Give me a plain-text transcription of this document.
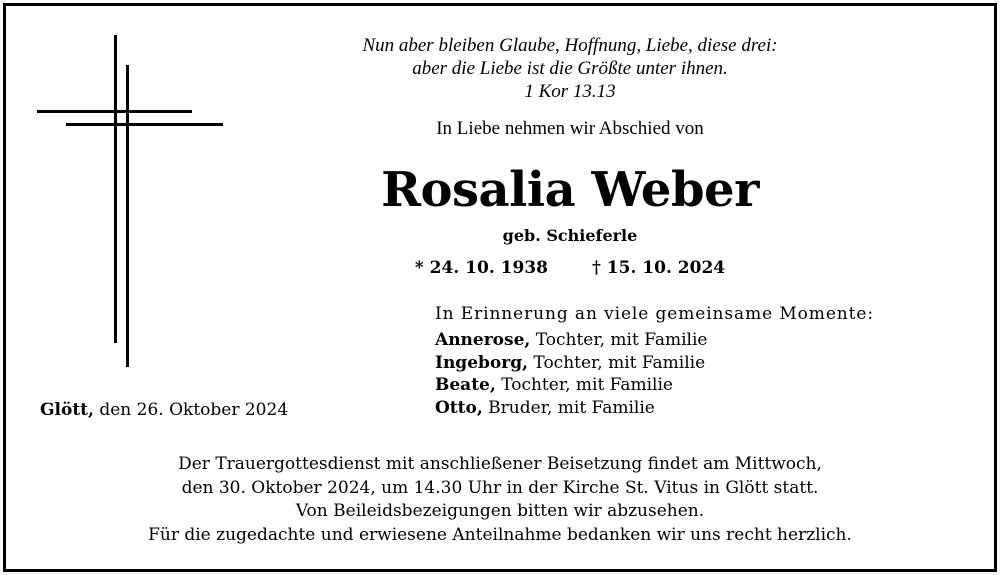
Nun aber bleiben Glaube, Hoffnung, Liebe, diese drei:
aber die Liebe ist die Größte unter ihnen.
1 Kor 13.13
In Liebe nehmen wir Abschied von
Rosalia Weber
geb. Schieferle
* 24. 10. 1938	† 15. 10. 2024
In Erinnerung an viele gemeinsame Momente:
Annerose, Tochter, mit Familie
Ingeborg, Tochter, mit Familie
Beate, Tochter, mit Familie
Otto, Bruder, mit Familie
Glött, den 26. Oktober 2024
Der Trauergottesdienst mit anschließener Beisetzung findet am Mittwoch,
den 30. Oktober 2024, um 14.30 Uhr in der Kirche St. Vitus in Glött statt.
Von Beileidsbezeigungen bitten wir abzusehen.
Für die zugedachte und erwiesene Anteilnahme bedanken wir uns recht herzlich.
